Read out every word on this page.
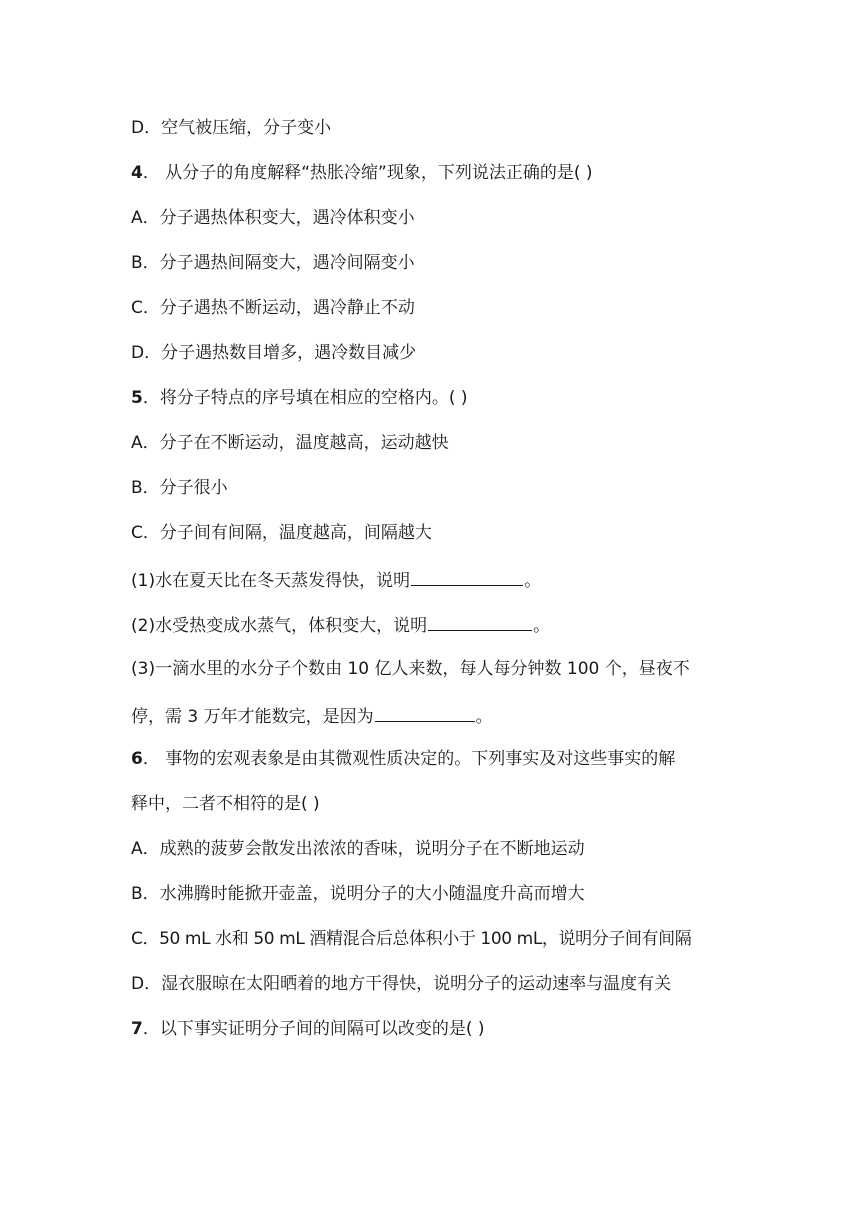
D．空气被压缩，分子变小
4． 从分子的角度解释“热胀冷缩”现象，下列说法正确的是( )
A．分子遇热体积变大，遇冷体积变小
B．分子遇热间隔变大，遇冷间隔变小
C．分子遇热不断运动，遇冷静止不动
D．分子遇热数目增多，遇冷数目减少
5．将分子特点的序号填在相应的空格内。( )
A．分子在不断运动，温度越高，运动越快
B．分子很小
C．分子间有间隔，温度越高，间隔越大
(1)水在夏天比在冬天蒸发得快，说明	。
(2)水受热变成水蒸气，体积变大，说明	。
(3)一滴水里的水分子个数由 10 亿人来数，每人每分钟数 100 个，昼夜不
停，需 3 万年才能数完，是因为	。
6． 事物的宏观表象是由其微观性质决定的。下列事实及对这些事实的解
释中，二者不相符的是( )
A．成熟的菠萝会散发出浓浓的香味，说明分子在不断地运动
B．水沸腾时能掀开壶盖，说明分子的大小随温度升高而增大
C．50 mL 水和 50 mL 酒精混合后总体积小于 100 mL，说明分子间有间隔
D．湿衣服晾在太阳晒着的地方干得快，说明分子的运动速率与温度有关
7．以下事实证明分子间的间隔可以改变的是( )
